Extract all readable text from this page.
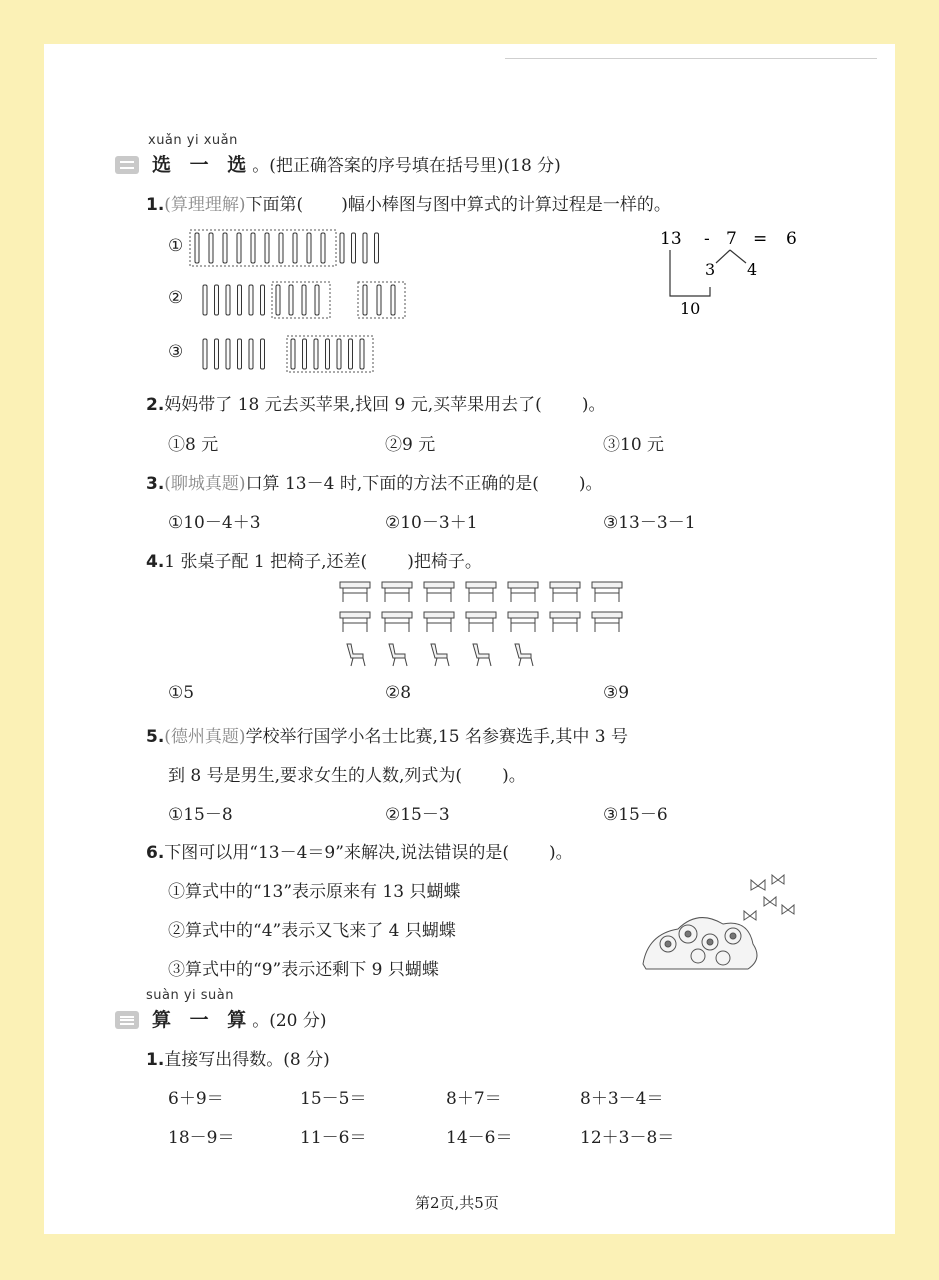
xuǎn yi xuǎn
选 一 选。(把正确答案的序号填在括号里)(18 分)
1.(算理理解)下面第( )幅小棒图与图中算式的计算过程是一样的。
①
②
③
13 - 7 = 6
3 4
10
2.妈妈带了 18 元去买苹果,找回 9 元,买苹果用去了( )。
①8 元	②9 元	③10 元
3.(聊城真题)口算 13－4 时,下面的方法不正确的是( )。
①10－4＋3	②10－3＋1	③13－3－1
4.1 张桌子配 1 把椅子,还差( )把椅子。
①5	②8	③9
5.(德州真题)学校举行国学小名士比赛,15 名参赛选手,其中 3 号
到 8 号是男生,要求女生的人数,列式为( )。
①15－8	②15－3	③15－6
6.下图可以用“13－4＝9”来解决,说法错误的是( )。
①算式中的“13”表示原来有 13 只蝴蝶
②算式中的“4”表示又飞来了 4 只蝴蝶
③算式中的“9”表示还剩下 9 只蝴蝶
suàn yi suàn
算 一 算。(20 分)
1.直接写出得数。(8 分)
6＋9＝	15－5＝	8＋7＝	8＋3－4＝
18－9＝	11－6＝	14－6＝	12＋3－8＝
第2页,共5页
